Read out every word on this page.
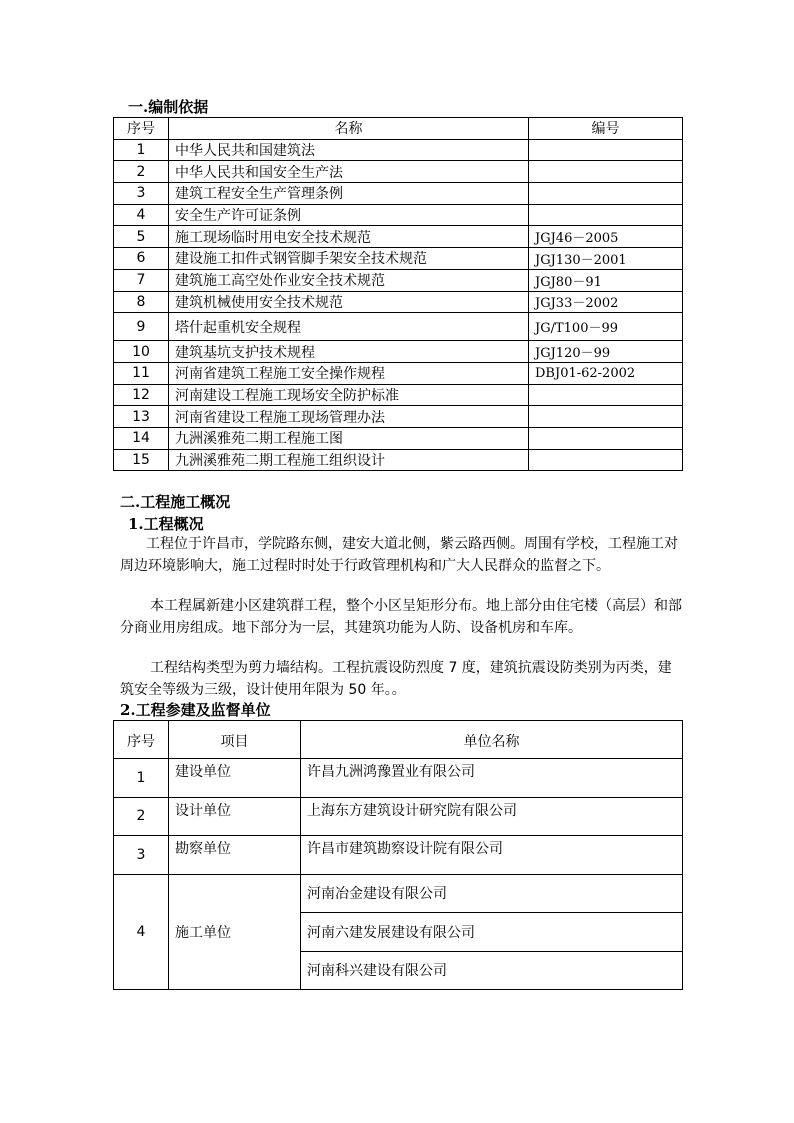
一.编制依据
序号	名称	编号
1	中华人民共和国建筑法	
2	中华人民共和国安全生产法	
3	建筑工程安全生产管理条例	
4	安全生产许可证条例	
5	施工现场临时用电安全技术规范	JGJ46－2005
6	建设施工扣件式钢管脚手架安全技术规范	JGJ130－2001
7	建筑施工高空处作业安全技术规范	JGJ80－91
8	建筑机械使用安全技术规范	JGJ33－2002
9	塔什起重机安全规程	JG/T100－99
10	建筑基坑支护技术规程	JGJ120－99
11	河南省建筑工程施工安全操作规程	DBJ01-62-2002
12	河南建设工程施工现场安全防护标准	
13	河南省建设工程施工现场管理办法	
14	九洲溪雅苑二期工程施工图	
15	九洲溪雅苑二期工程施工组织设计	
二.工程施工概况
1.工程概况
工程位于许昌市，学院路东侧，建安大道北侧，紫云路西侧。周围有学校，工程施工对周边环境影响大，施工过程时时处于行政管理机构和广大人民群众的监督之下。
本工程属新建小区建筑群工程，整个小区呈矩形分布。地上部分由住宅楼（高层）和部分商业用房组成。地下部分为一层，其建筑功能为人防、设备机房和车库。
工程结构类型为剪力墙结构。工程抗震设防烈度 7 度，建筑抗震设防类别为丙类，建筑安全等级为三级，设计使用年限为 50 年。。
2.工程参建及监督单位
序号	项目	单位名称
1	建设单位	许昌九洲鸿豫置业有限公司
2	设计单位	上海东方建筑设计研究院有限公司
3	勘察单位	许昌市建筑勘察设计院有限公司
4	施工单位	河南冶金建设有限公司
		河南六建发展建设有限公司
		河南科兴建设有限公司
